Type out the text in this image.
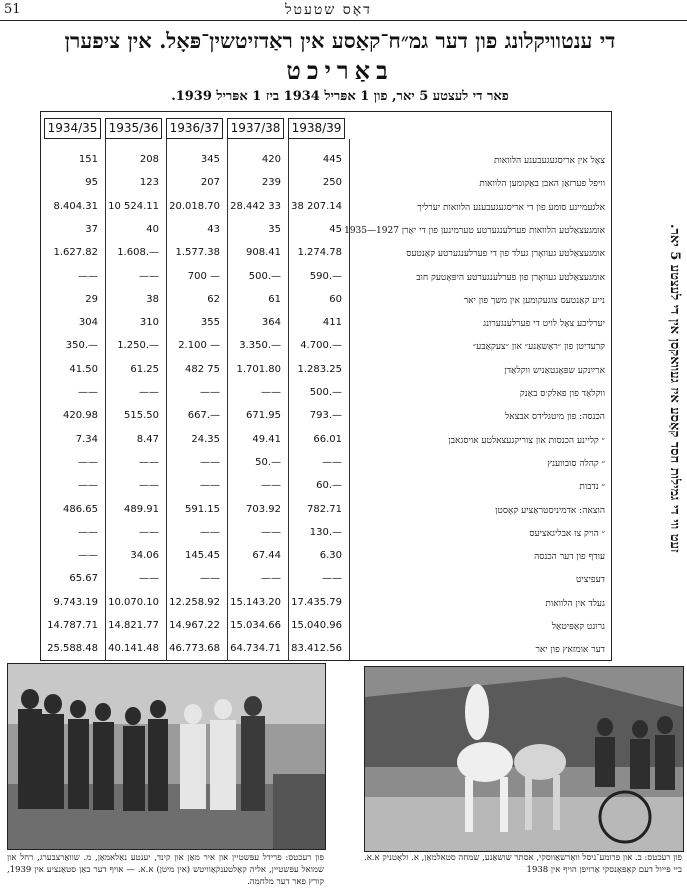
51	דאָס שטעטל
די ענטוויקלונג פון דער גמ״ח־קאַסע אין ראַדזיטשין־פּאָל. אין ציפערן
באַריכט
פאר די לעצטע 5 יאר, פון 1 אפּריל 1934 ביז 1 אפּריל 1939.
1934/35 1935/36 1936/37 1937/38 1938/39
151	208	345	420	445	צאָל אין אריסגעגעבענע הלוואות
95	123	207	239	250	וויפל פערזאַן האבן באַקומען הלוואות
8.404.31	10 524.11	20.018.70	28.442 33	38 207.14	אלגעמיינע סומע פון די אריסגעגעבענע הלוואות יערליך
37	40	43	35	45 אומגעצאַלטע הלוואות פערלענגערטע טערמינען פון די יאָרן 1927—1935
1.627.82	1.608.—	1.577.38	908.41	1.274.78	אומגעצאַלטע געוואָרן געלד פון די פערלענגערטע קאַנטעס
——	——	700 —	500.—	590.—	אומגעצאַלטע געוואָרן פון פערלענגערטע היפּאָטעק חוב
29	38	62	61	60	נייע קאַנטעס צוגעקומען אין משך פון יאר
304	310	355	364	411	יערליכע צאָל לויט די פערלענגערונג
350.—	1.250.—	2.100 —	3.350.—	4.700.—	קרעדיטן פון ״ראָשאַנע״ און ״צעקאַבע״
41.50	61.25	482 75	1.701.80	1.283.25	ארײַנקע שפּאָנטאַניש ווקלאַדן
——	——	——	——	500.—	ווקלאַד פון פאלק׳ס באַנק
420.98	515.50	667.—	671.95	793.—	הכנסה: פון מיטגלידס אבצאל
7.34	8.47	24.35	49.41	66.01	״ קליינע הכנסות און צוריקגעצאלטע אויסגאבן
——	——	——	50.—	——	״ קהלה סובווענץ
——	——	——	——	60.—	״ נדבות
486.65	489.91	591.15	703.92	782.71	הוצאה: אדמיניסטראַציע קאָסטן
——	——	——	——	130.—	״ הויק צו אבליגאציעס
——	34.06	145.45	67.44	6.30	עודף פון דער הכנסה
65.67	——	——	——	——	דעפיציט
9.743.19	10.070.10	12.258.92	15.143.20	17.435.79	געלד אין הלוואות
14.787.71	14.821.77	14.967.22	15.034.66	15.040.96	גרונט קאַפּיטאַל
25.588.48	40.141.48	46.773.68	64.734.71	83.412.56	דער אומזאץ פון יאר
זעט ווי די גמילות חסד קאַסע איז געוואקסן אין די לעצטע 5 יאר.
פון רעכטס: פרידל עפּשטיין און איר מאַן און קינד, יענטע נאַלאמאַן, מ. שוואַרצבערג, רחל און שמואל עפּשטיין, אליה קאַלטענקאַוויטש (אין מיטן) א.א. — אויף דער באַן סטאַנציע אין 1939, קורץ פאר דער מלחמה.
פון רעכטס: ב. און פרומע־ניסל וואַרשאַווסקי, אסתר שושאַנע, שמחה סטאלמאַן, א. זלאָטניק א.א. ביי פּייול דעם קאַפּאַנסקי אַרויפן הויף אין 1938
